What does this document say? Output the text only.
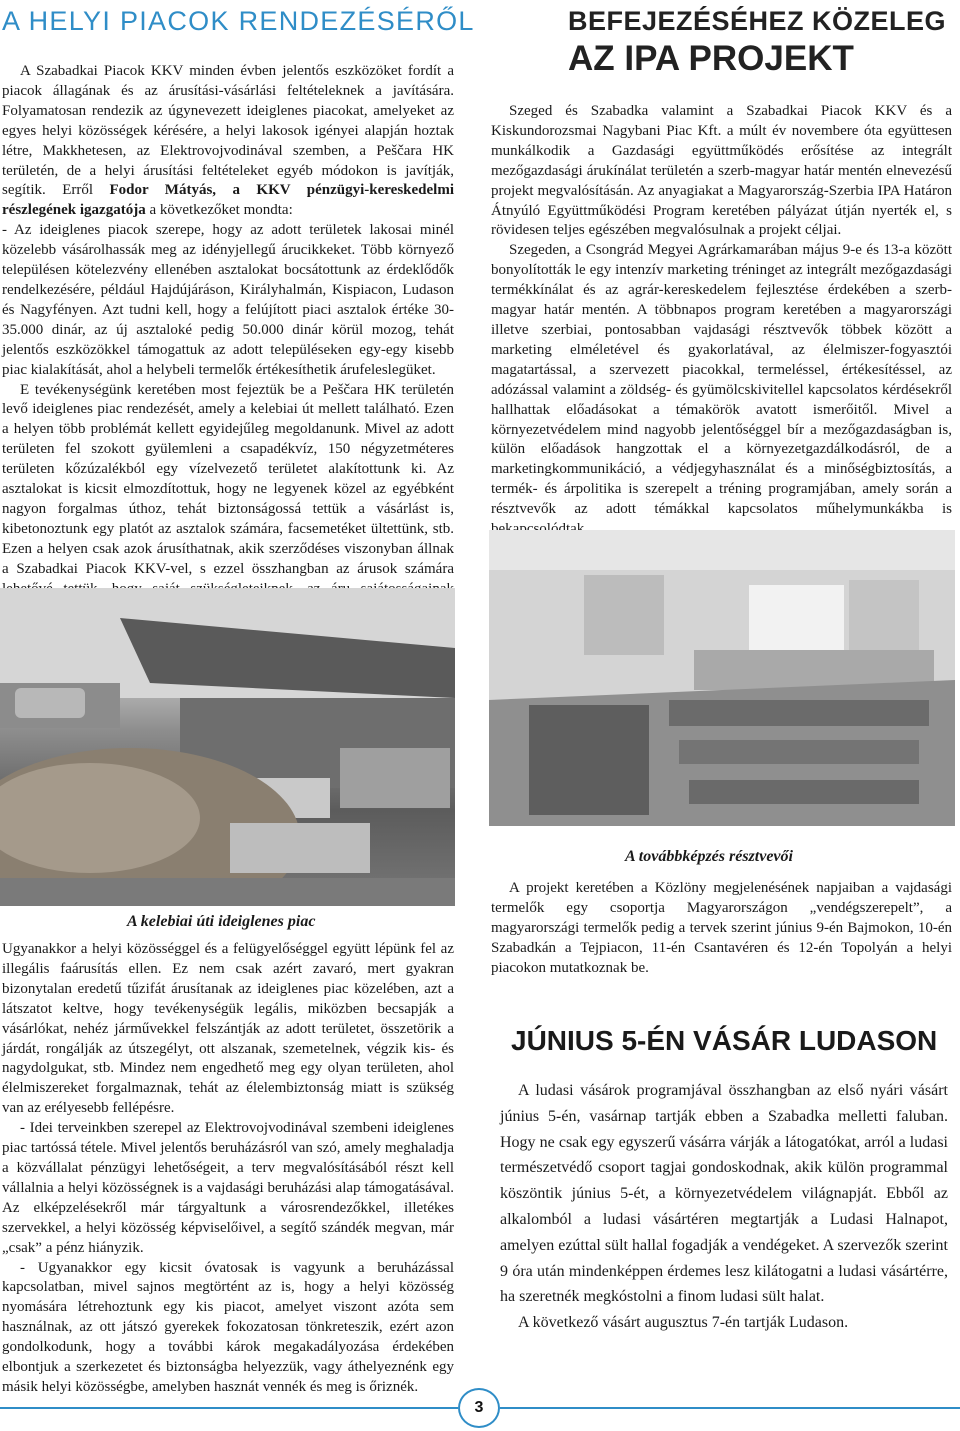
A HELYI PIACOK RENDEZÉSÉRŐL

A Szabadkai Piacok KKV minden évben jelentős eszközöket fordít a piacok állagának és az árusítási-vásárlási feltételeknek a javítására. Folyamatosan rendezik az úgynevezett ideiglenes piacokat, amelyeket az egyes helyi közösségek kérésére, a helyi lakosok igényei alapján hoztak létre, Makkhetesen, az Elektrovojvodinával szemben, a Peščara HK területén, de a helyi árusítási feltételeket egyéb módokon is javítják, segítik. Erről Fodor Mátyás, a KKV pénzügyi-kereskedelmi részlegének igazgatója a következőket mondta:

- Az ideiglenes piacok szerepe, hogy az adott területek lakosai minél közelebb vásárolhassák meg az idényjellegű árucikkeket. Több környező településen kötelezvény ellenében asztalokat bocsátottunk az érdeklődők rendelkezésére, például Hajdújáráson, Királyhalmán, Kispiacon, Ludason és Nagyfényen. Azt tudni kell, hogy a felújított piaci asztalok értéke 30-35.000 dinár, az új asztaloké pedig 50.000 dinár körül mozog, tehát jelentős eszközökkel támogattuk az adott településeken egy-egy kisebb piac kialakítását, ahol a helybeli termelők értékesíthetik árufeleslegüket.

E tevékenységünk keretében most fejeztük be a Peščara HK területén levő ideiglenes piac rendezését, amely a kelebiai út mellett található. Ezen a helyen több problémát kellett egyidejűleg megoldanunk. Mivel az adott területen fel szokott gyülemleni a csapadékvíz, 150 négyzetméteres területen kőzúzalékból egy vízelvezető területet alakítottunk ki. Az asztalokat is kicsit elmozdítottuk, hogy ne legyenek közel az egyébként nagyon forgalmas úthoz, tehát biztonságossá tettük a vásárlást is, kibetonoztunk egy platót az asztalok számára, facsemetéket ültettünk, stb. Ezen a helyen csak azok árusíthatnak, akik szerződéses viszonyban állnak a Szabadkai Piacok KKV-vel, s ezzel összhangban az árusok számára

A kelebiai úti ideiglenes piac

Ugyanakkor a helyi közösséggel és a felügyelőséggel együtt lépünk fel az illegális faárusítás ellen. Ez nem csak azért zavaró, mert gyakran bizonytalan eredetű tűzifát árusítanak az ideiglenes piac közelében, azt a látszatot keltve, hogy tevékenységük legális, miközben becsapják a vásárlókat, nehéz járművekkel felszántják az adott területet, összetörik a járdát, rongálják az útszegélyt, ott alszanak, szemetelnek, végzik kis- és nagydolgukat, stb. Mindez nem engedhető meg egy olyan területen, ahol élelmiszereket forgalmaznak, tehát az élelembiztonság miatt is szükség van az erélyesebb fellépésre.

- Idei terveinkben szerepel az Elektrovojvodinával szembeni ideiglenes piac tartóssá tétele. Mivel jelentős beruházásról van szó, amely meghaladja a közvállalat pénzügyi lehetőségeit, a terv megvalósításából részt kell vállalnia a helyi közösségnek is a vajdasági beruházási alap támogatásával. Az elképzelésekről már tárgyaltunk a városrendezőkkel, illetékes szervekkel, a helyi közösség képviselőivel, a segítő szándék megvan, már „csak” a pénz hiányzik.

- Ugyanakkor egy kicsit óvatosak is vagyunk a beruházással kapcsolatban, mivel sajnos megtörtént az is, hogy a helyi közösség nyomására létrehoztunk egy kis piacot, amelyet viszont azóta sem használnak, az ott játszó gyerekek fokozatosan tönkreteszik, ezért azon gondolkodunk, hogy a további károk megakadályozása érdekében elbontjuk a szerkezetet és biztonságba helyezzük, vagy áthelyeznénk egy másik helyi közösségbe, amelyben hasznát vennék és meg is őriznék.

BEFEJEZÉSÉHEZ KÖZELEG
AZ IPA PROJEKT

Szeged és Szabadka valamint a Szabadkai Piacok KKV és a Kiskundorozsmai Nagybani Piac Kft. a múlt év novembere óta együttesen munkálkodik a Gazdasági együttműködés erősítése az integrált mezőgazdasági árukínálat területén a szerb-magyar határ mentén elnevezésű projekt megvalósításán. Az anyagiakat a Magyarország-Szerbia IPA Határon Átnyúló Együttműködési Program keretében pályázat útján nyerték el, s rövidesen teljes egészében megvalósulnak a projekt céljai.

Szegeden, a Csongrád Megyei Agrárkamarában május 9-e és 13-a között bonyolították le egy intenzív marketing tréninget az integrált mezőgazdasági termékkínálat és az agrár-kereskedelem fejlesztése érdekében a szerb-magyar határ mentén. A többnapos program keretében a magyarországi illetve szerbiai, pontosabban vajdasági résztvevők többek között a marketing elméletével és gyakorlatával, az élelmiszer-fogyasztói magatartással, a szervezett piacokkal, termeléssel, értékesítéssel, az adózással valamint a zöldség- és gyümölcskivitellel kapcsolatos kérdésekről hallhattak előadásokat a témakörök avatott ismerőitől. Mivel a környezetvédelem mind nagyobb jelentőséggel bír a mezőgazdaságban is, külön előadások hangzottak el a környezetgazdálkodásról, de a marketingkommunikáció, a védjegyhasználat és a minőségbiztosítás, a termék- és árpolitika is szerepelt a tréning programjában, amely során a résztvevők az adott témákkal kapcsolatos műhelymunkákba is

A továbbképzés résztvevői

A projekt keretében a Közlöny megjelenésének napjaiban a vajdasági termelők egy csoportja Magyarországon „vendégszerepelt”, a magyarországi termelők pedig a tervek szerint június 9-én Bajmokon, 10-én Szabadkán a Tejpiacon, 11-én Csantavéren és 12-én Topolyán a helyi piacokon mutatkoznak be.

JÚNIUS 5-ÉN VÁSÁR LUDASON

A ludasi vásárok programjával összhangban az első nyári vásárt június 5-én, vasárnap tartják ebben a Szabadka melletti faluban. Hogy ne csak egy egyszerű vásárra várják a látogatókat, arról a ludasi természetvédő csoport tagjai gondoskodnak, akik külön programmal köszöntik június 5-ét, a környezetvédelem világnapját. Ebből az alkalomból a ludasi vásártéren megtartják a Ludasi Halnapot, amelyen ezúttal sült hallal fogadják a vendégeket. A szervezők szerint 9 óra után mindenképpen érdemes lesz kilátogatni a ludasi vásártérre, ha szeretnék megkóstolni a finom ludasi sült halat.

A következő vásárt augusztus 7-én tartják Ludason.

3
